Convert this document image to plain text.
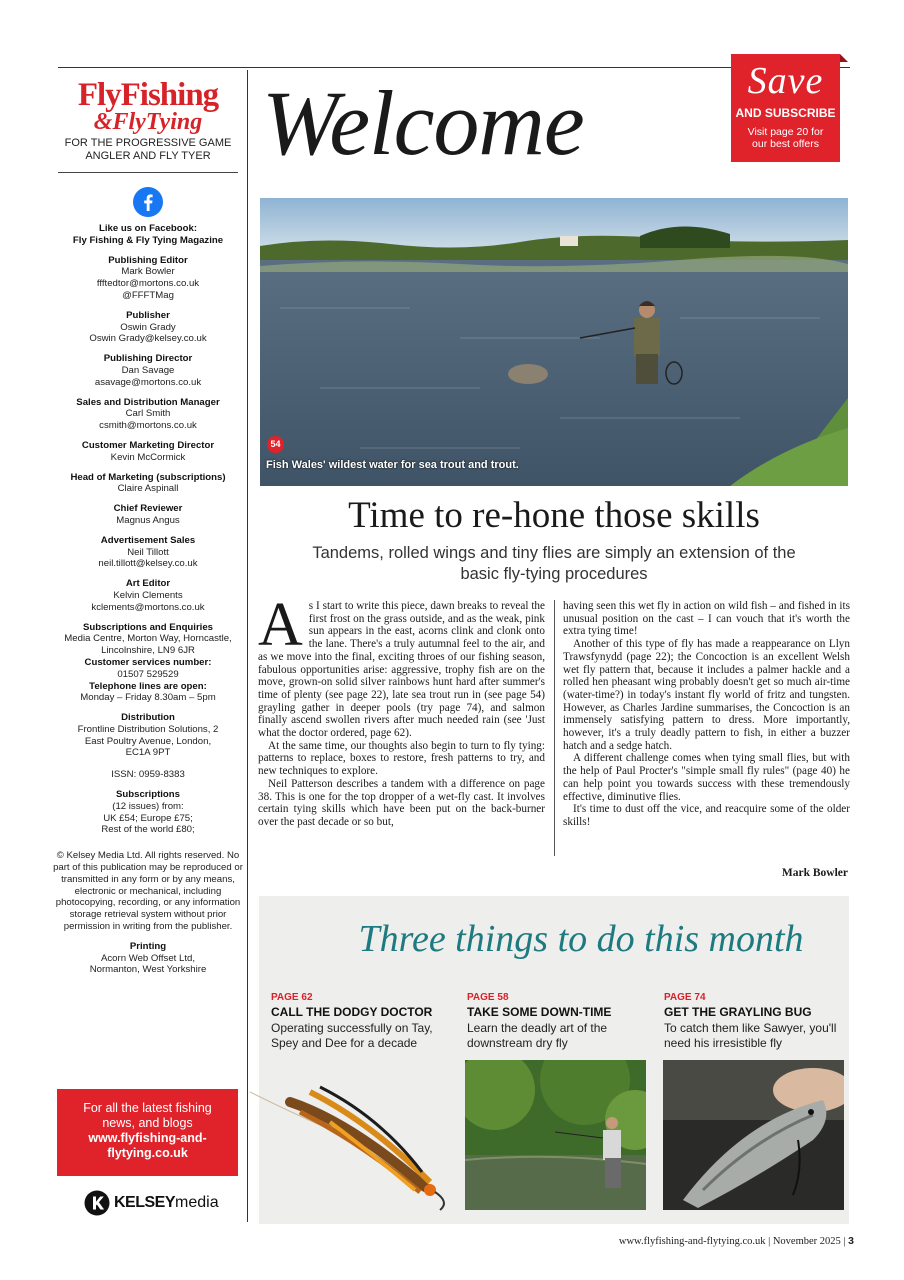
FlyFishing
&FlyTying
FOR THE PROGRESSIVE GAME ANGLER AND FLY TYER
Like us on Facebook:
Fly Fishing & Fly Tying Magazine
Publishing Editor
Mark Bowler
ffftedtor@mortons.co.uk
@FFFTMag
Publisher
Oswin Grady
Oswin Grady@kelsey.co.uk
Publishing Director
Dan Savage
asavage@mortons.co.uk
Sales and Distribution Manager
Carl Smith
csmith@mortons.co.uk
Customer Marketing Director
Kevin McCormick
Head of Marketing (subscriptions)
Claire Aspinall
Chief Reviewer
Magnus Angus
Advertisement Sales
Neil Tillott
neil.tillott@kelsey.co.uk
Art Editor
Kelvin Clements
kclements@mortons.co.uk
Subscriptions and Enquiries
Media Centre, Morton Way, Horncastle, Lincolnshire, LN9 6JR
Customer services number:
01507 529529
Telephone lines are open:
Monday – Friday 8.30am – 5pm
Distribution
Frontline Distribution Solutions, 2 East Poultry Avenue, London, EC1A 9PT
ISSN: 0959-8383
Subscriptions
(12 issues) from:
UK £54; Europe £75;
Rest of the world £80;
© Kelsey Media Ltd. All rights reserved. No part of this publication may be reproduced or transmitted in any form or by any means, electronic or mechanical, including photocopying, recording, or any information storage retrieval system without prior permission in writing from the publisher.
Printing
Acorn Web Offset Ltd,
Normanton, West Yorkshire
For all the latest fishing
news, and blogs
www.flyfishing-and-
flytying.co.uk
KELSEYmedia
Welcome	Save
AND SUBSCRIBE
Visit page 20 for
our best offers
54
Fish Wales' wildest water for sea trout and trout.
Time to re-hone those skills
Tandems, rolled wings and tiny flies are simply an extension of the basic fly-tying procedures

As I start to write this piece, dawn breaks to reveal the first frost on the grass outside, and as the weak, pink sun appears in the east, acorns clink and clonk onto the lane. There's a truly autumnal feel to the air, and as we move into the final, exciting throes of our fishing season, fabulous opportunities arise: aggressive, trophy fish are on the move, grown-on solid silver rainbows hunt hard after summer's time of plenty (see page 22), late sea trout run in (see page 54) grayling gather in deeper pools (try page 74), and salmon finally ascend swollen rivers after much needed rain (see 'Just what the doctor ordered, page 62).

At the same time, our thoughts also begin to turn to fly tying: patterns to replace, boxes to restore, fresh patterns to try, and new techniques to explore.

Neil Patterson describes a tandem with a difference on page 38. This is one for the top dropper of a wet-fly cast. It involves certain tying skills which have been put on the back-burner over the past decade or so but,

having seen this wet fly in action on wild fish – and fished in its unusual position on the cast – I can vouch that it's worth the extra tying time!

Another of this type of fly has made a reappearance on Llyn Trawsfynydd (page 22); the Concoction is an excellent Welsh wet fly pattern that, because it includes a palmer hackle and a rolled hen pheasant wing probably doesn't get so much air-time (water-time?) in today's instant fly world of fritz and tungsten. However, as Charles Jardine summarises, the Concoction is an immensely satisfying pattern to dress. More importantly, however, it's a truly deadly pattern to fish, in either a buzzer hatch and a sedge hatch.

A different challenge comes when tying small flies, but with the help of Paul Procter's "simple small fly rules" (page 40) he can help point you towards success with these tremendously effective, diminutive flies.

It's time to dust off the vice, and reacquire some of the older skills!

Mark Bowler
Three things to do this month
PAGE 62
CALL THE DODGY DOCTOR
Operating successfully on Tay, Spey and Dee for a decade
PAGE 58
TAKE SOME DOWN-TIME
Learn the deadly art of the downstream dry fly
PAGE 74
GET THE GRAYLING BUG
To catch them like Sawyer, you'll need his irresistible fly
www.flyfishing-and-flytying.co.uk | November 2025 | 3
